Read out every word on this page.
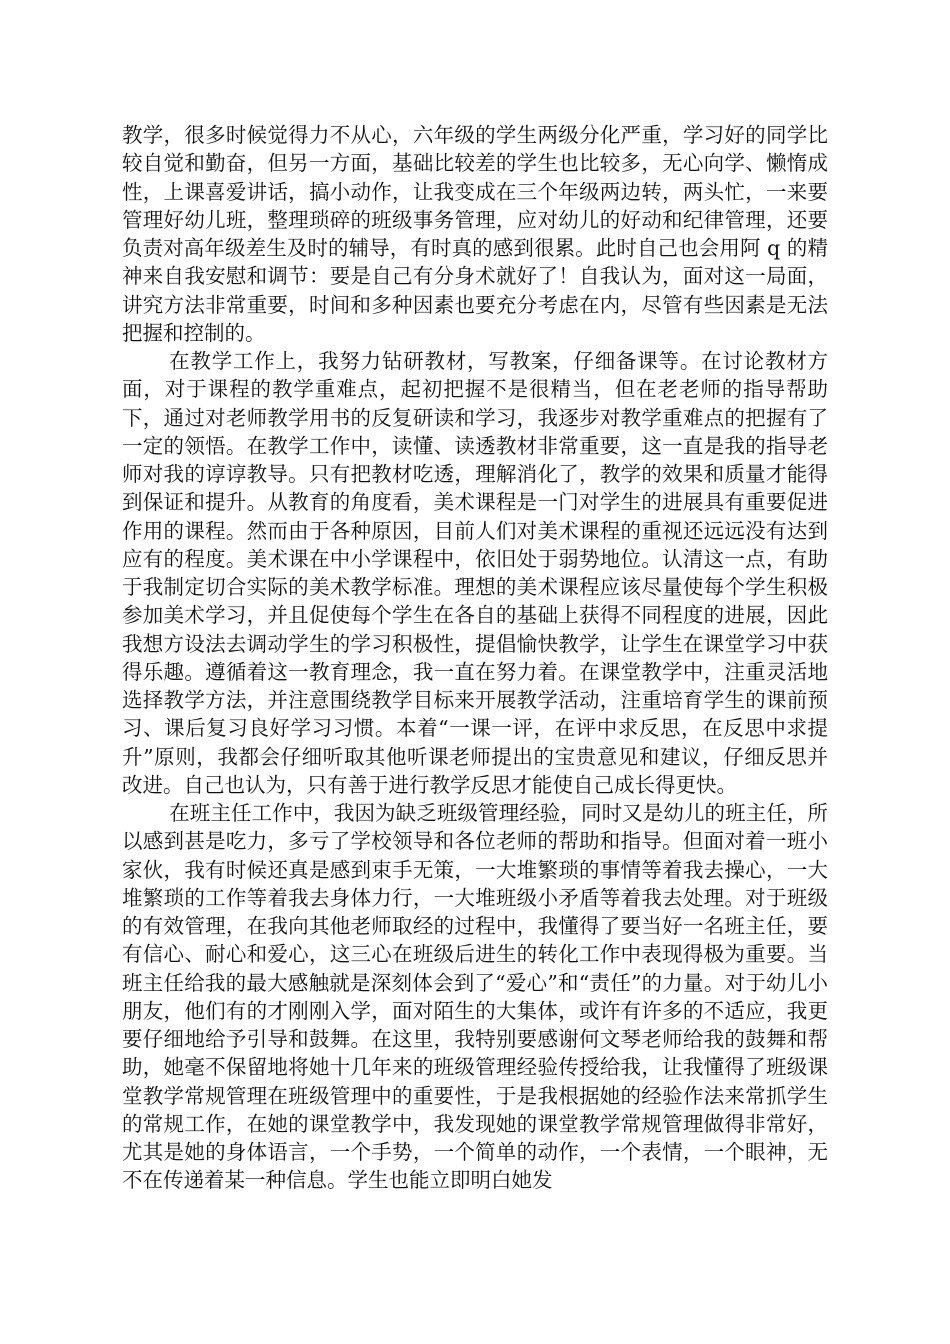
教学，很多时候觉得力不从心，六年级的学生两级分化严重，学习好的同学比较自觉和勤奋，但另一方面，基础比较差的学生也比较多，无心向学、懒惰成性，上课喜爱讲话，搞小动作，让我变成在三个年级两边转，两头忙，一来要管理好幼儿班，整理琐碎的班级事务管理，应对幼儿的好动和纪律管理，还要负责对高年级差生及时的辅导，有时真的感到很累。此时自己也会用阿 q 的精神来自我安慰和调节：要是自己有分身术就好了！自我认为，面对这一局面，讲究方法非常重要，时间和多种因素也要充分考虑在内，尽管有些因素是无法把握和控制的。

在教学工作上，我努力钻研教材，写教案，仔细备课等。在讨论教材方面，对于课程的教学重难点，起初把握不是很精当，但在老老师的指导帮助下，通过对老师教学用书的反复研读和学习，我逐步对教学重难点的把握有了一定的领悟。在教学工作中，读懂、读透教材非常重要，这一直是我的指导老师对我的谆谆教导。只有把教材吃透，理解消化了，教学的效果和质量才能得到保证和提升。从教育的角度看，美术课程是一门对学生的进展具有重要促进作用的课程。然而由于各种原因，目前人们对美术课程的重视还远远没有达到应有的程度。美术课在中小学课程中，依旧处于弱势地位。认清这一点，有助于我制定切合实际的美术教学标准。理想的美术课程应该尽量使每个学生积极参加美术学习，并且促使每个学生在各自的基础上获得不同程度的进展，因此我想方设法去调动学生的学习积极性，提倡愉快教学，让学生在课堂学习中获得乐趣。遵循着这一教育理念，我一直在努力着。在课堂教学中，注重灵活地选择教学方法，并注意围绕教学目标来开展教学活动，注重培育学生的课前预习、课后复习良好学习习惯。本着“一课一评，在评中求反思，在反思中求提升”原则，我都会仔细听取其他听课老师提出的宝贵意见和建议，仔细反思并改进。自己也认为，只有善于进行教学反思才能使自己成长得更快。

在班主任工作中，我因为缺乏班级管理经验，同时又是幼儿的班主任，所以感到甚是吃力，多亏了学校领导和各位老师的帮助和指导。但面对着一班小家伙，我有时候还真是感到束手无策，一大堆繁琐的事情等着我去操心，一大堆繁琐的工作等着我去身体力行，一大堆班级小矛盾等着我去处理。对于班级的有效管理，在我向其他老师取经的过程中，我懂得了要当好一名班主任，要有信心、耐心和爱心，这三心在班级后进生的转化工作中表现得极为重要。当班主任给我的最大感触就是深刻体会到了“爱心”和“责任”的力量。对于幼儿小朋友，他们有的才刚刚入学，面对陌生的大集体，或许有许多的不适应，我更要仔细地给予引导和鼓舞。在这里，我特别要感谢何文琴老师给我的鼓舞和帮助，她毫不保留地将她十几年来的班级管理经验传授给我，让我懂得了班级课堂教学常规管理在班级管理中的重要性，于是我根据她的经验作法来常抓学生的常规工作，在她的课堂教学中，我发现她的课堂教学常规管理做得非常好，尤其是她的身体语言，一个手势，一个简单的动作，一个表情，一个眼神，无不在传递着某一种信息。学生也能立即明白她发
